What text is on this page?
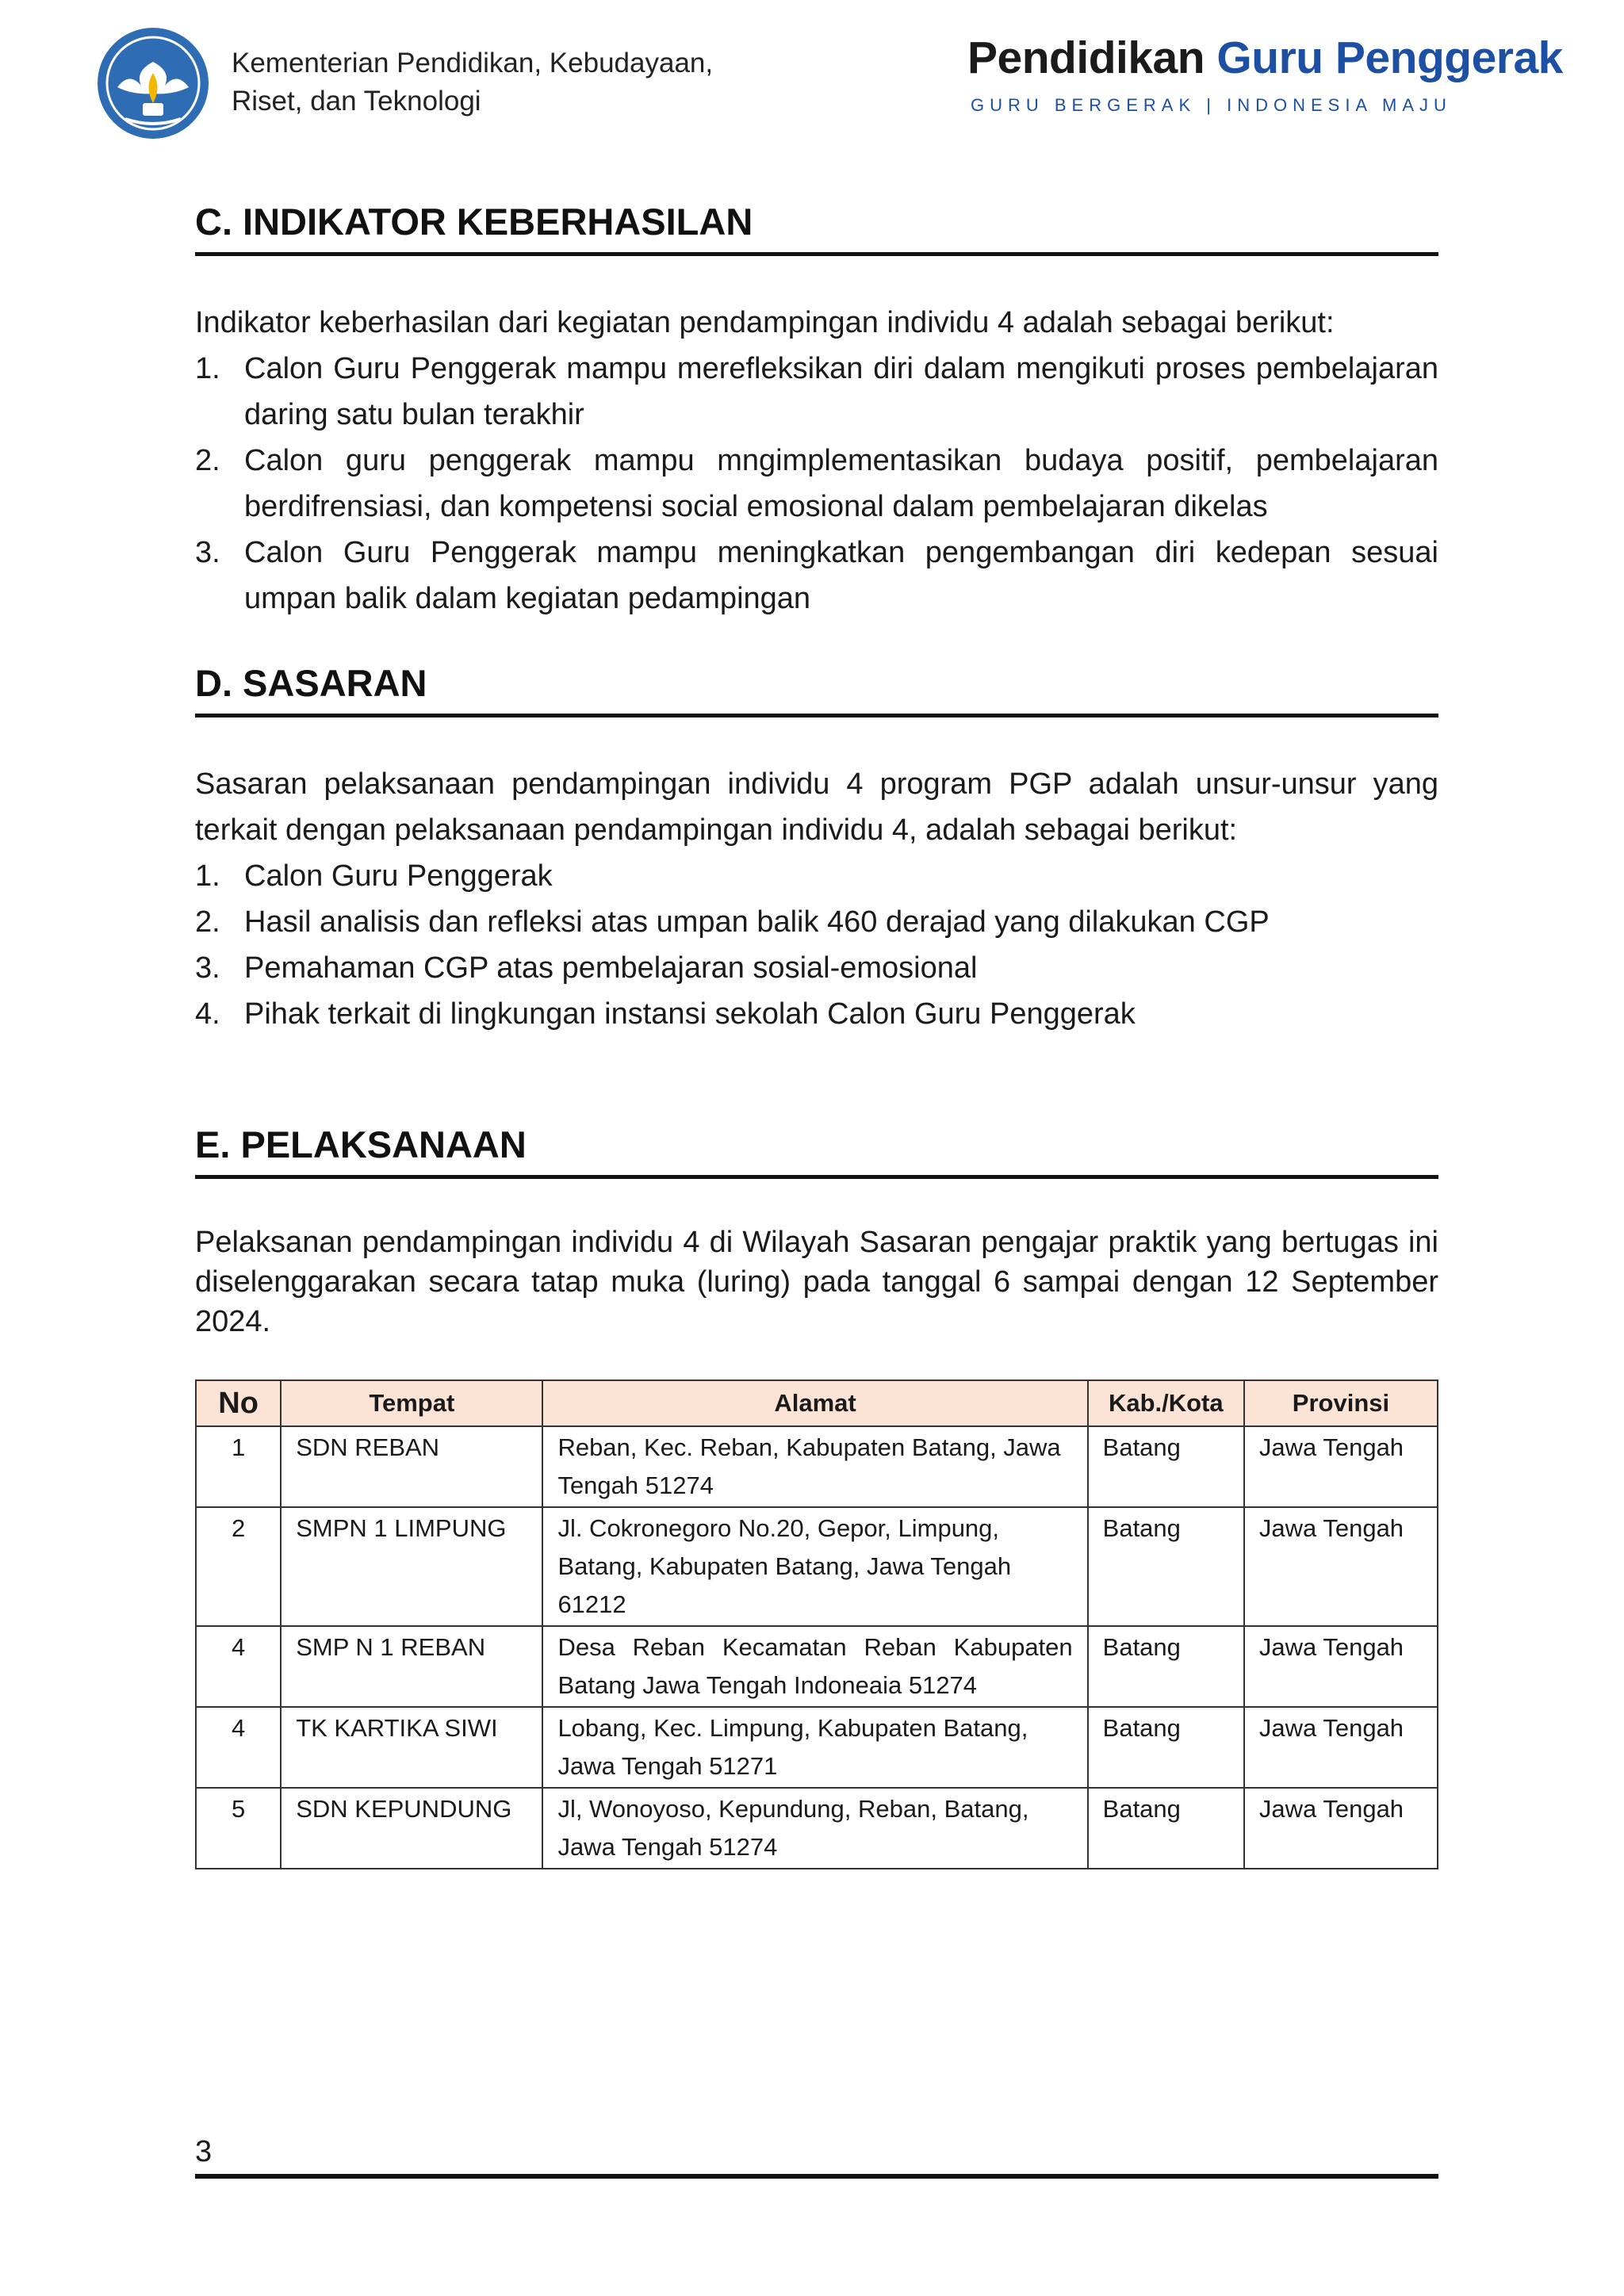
Kementerian Pendidikan, Kebudayaan,
Riset, dan Teknologi
Pendidikan Guru Penggerak
GURU BERGERAK | INDONESIA MAJU
C. INDIKATOR KEBERHASILAN
Indikator keberhasilan dari kegiatan pendampingan individu 4 adalah sebagai berikut:
1. Calon Guru Penggerak mampu merefleksikan diri dalam mengikuti proses pembelajaran daring satu bulan terakhir
2. Calon guru penggerak mampu mngimplementasikan budaya positif, pembelajaran berdifrensiasi, dan kompetensi social emosional dalam pembelajaran dikelas
3. Calon Guru Penggerak mampu meningkatkan pengembangan diri kedepan sesuai umpan balik dalam kegiatan pedampingan
D. SASARAN
Sasaran pelaksanaan pendampingan individu 4 program PGP adalah unsur-unsur yang terkait dengan pelaksanaan pendampingan individu 4, adalah sebagai berikut:
1. Calon Guru Penggerak
2. Hasil analisis dan refleksi atas umpan balik 460 derajad yang dilakukan CGP
3. Pemahaman CGP atas pembelajaran sosial-emosional
4. Pihak terkait di lingkungan instansi sekolah Calon Guru Penggerak
E. PELAKSANAAN
Pelaksanan pendampingan individu 4 di Wilayah Sasaran pengajar praktik yang bertugas ini diselenggarakan secara tatap muka (luring) pada tanggal 6 sampai dengan 12 September 2024.
No	Tempat	Alamat	Kab./Kota	Provinsi
1	SDN REBAN	Reban, Kec. Reban, Kabupaten Batang, Jawa Tengah 51274	Batang	Jawa Tengah
2	SMPN 1 LIMPUNG	Jl. Cokronegoro No.20, Gepor, Limpung, Batang, Kabupaten Batang, Jawa Tengah 61212	Batang	Jawa Tengah
4	SMP N 1 REBAN	Desa Reban Kecamatan Reban Kabupaten Batang Jawa Tengah Indoneaia 51274	Batang	Jawa Tengah
4	TK KARTIKA SIWI	Lobang, Kec. Limpung, Kabupaten Batang, Jawa Tengah 51271	Batang	Jawa Tengah
5	SDN KEPUNDUNG	Jl, Wonoyoso, Kepundung, Reban, Batang, Jawa Tengah 51274	Batang	Jawa Tengah
3
